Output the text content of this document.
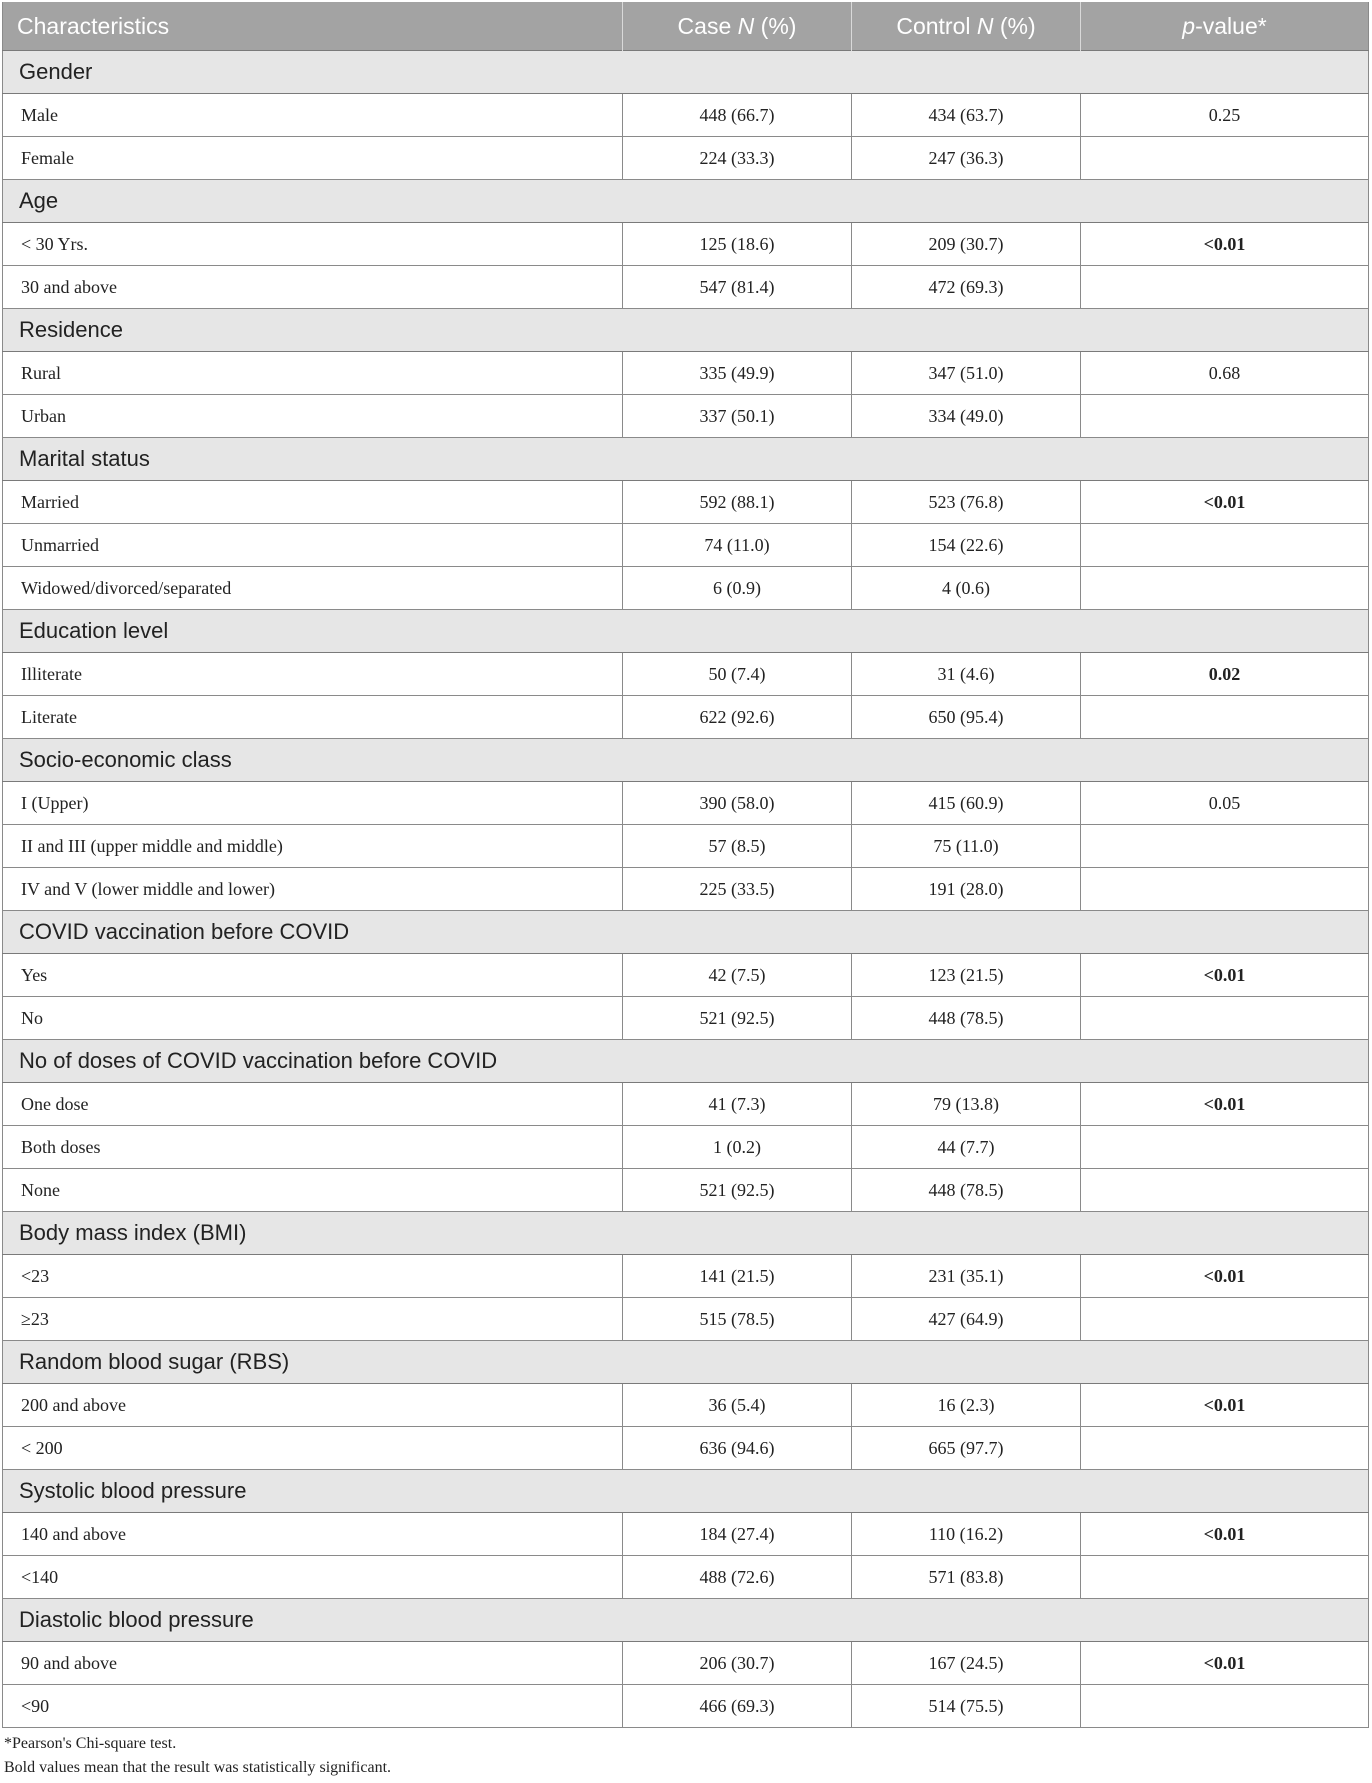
Characteristics	Case N (%)	Control N (%)	p-value*
Gender			
Male	448 (66.7)	434 (63.7)	0.25
Female	224 (33.3)	247 (36.3)	
Age			
< 30 Yrs.	125 (18.6)	209 (30.7)	<0.01
30 and above	547 (81.4)	472 (69.3)	
Residence			
Rural	335 (49.9)	347 (51.0)	0.68
Urban	337 (50.1)	334 (49.0)	
Marital status			
Married	592 (88.1)	523 (76.8)	<0.01
Unmarried	74 (11.0)	154 (22.6)	
Widowed/divorced/separated	6 (0.9)	4 (0.6)	
Education level			
Illiterate	50 (7.4)	31 (4.6)	0.02
Literate	622 (92.6)	650 (95.4)	
Socio-economic class			
I (Upper)	390 (58.0)	415 (60.9)	0.05
II and III (upper middle and middle)	57 (8.5)	75 (11.0)	
IV and V (lower middle and lower)	225 (33.5)	191 (28.0)	
COVID vaccination before COVID			
Yes	42 (7.5)	123 (21.5)	<0.01
No	521 (92.5)	448 (78.5)	
No of doses of COVID vaccination before COVID			
One dose	41 (7.3)	79 (13.8)	<0.01
Both doses	1 (0.2)	44 (7.7)	
None	521 (92.5)	448 (78.5)	
Body mass index (BMI)			
<23	141 (21.5)	231 (35.1)	<0.01
≥23	515 (78.5)	427 (64.9)	
Random blood sugar (RBS)			
200 and above	36 (5.4)	16 (2.3)	<0.01
< 200	636 (94.6)	665 (97.7)	
Systolic blood pressure			
140 and above	184 (27.4)	110 (16.2)	<0.01
<140	488 (72.6)	571 (83.8)	
Diastolic blood pressure			
90 and above	206 (30.7)	167 (24.5)	<0.01
<90	466 (69.3)	514 (75.5)	
*Pearson's Chi-square test.
Bold values mean that the result was statistically significant.
